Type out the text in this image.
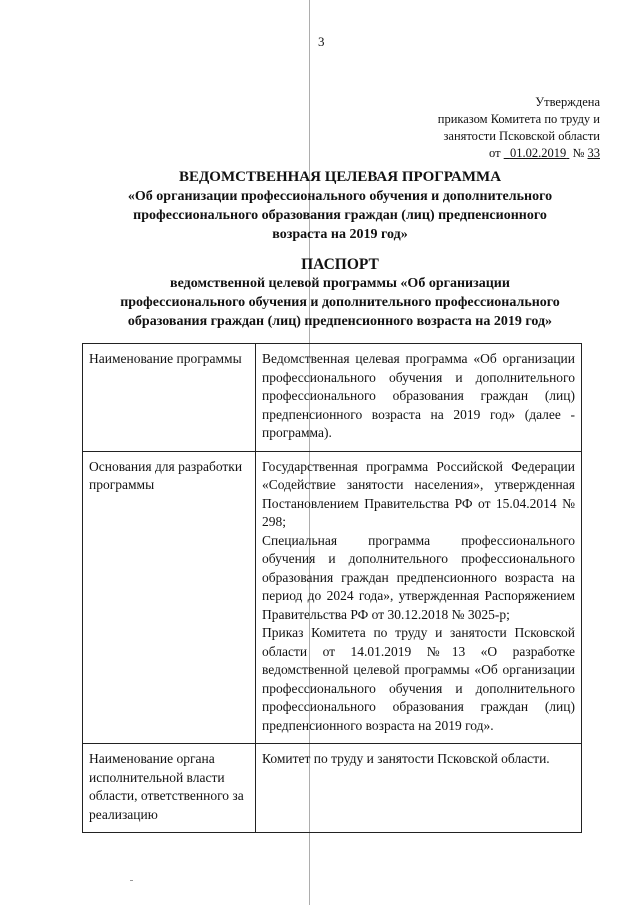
3
Утверждена
приказом Комитета по труду и
занятости Псковской области
от 01.02.2019 № 33
ВЕДОМСТВЕННАЯ ЦЕЛЕВАЯ ПРОГРАММА
«Об организации профессионального обучения и дополнительного
профессионального образования граждан (лиц) предпенсионного
возраста на 2019 год»
ПАСПОРТ
ведомственной целевой программы «Об организации
профессионального обучения и дополнительного профессионального
образования граждан (лиц) предпенсионного возраста на 2019 год»
Наименование программы	Ведомственная целевая программа «Об организации профессионального обучения и дополнительного профессионального образования граждан (лиц) предпенсионного возраста на 2019 год» (далее - программа).

Основания для разработки программы	Государственная программа Российской Федерации «Содействие занятости населения», утвержденная Постановлением Правительства РФ от 15.04.2014 № 298;
Специальная программа профессионального обучения и дополнительного профессионального образования граждан предпенсионного возраста на период до 2024 года», утвержденная Распоряжением Правительства РФ от 30.12.2018 № 3025-р;
Приказ Комитета по труду и занятости Псковской области от 14.01.2019 №13 «О разработке ведомственной целевой программы «Об организации профессионального обучения и дополнительного профессионального образования граждан (лиц) предпенсионного возраста на 2019 год».

Наименование органа исполнительной власти области, ответственного за реализацию	Комитет по труду и занятости Псковской области.
